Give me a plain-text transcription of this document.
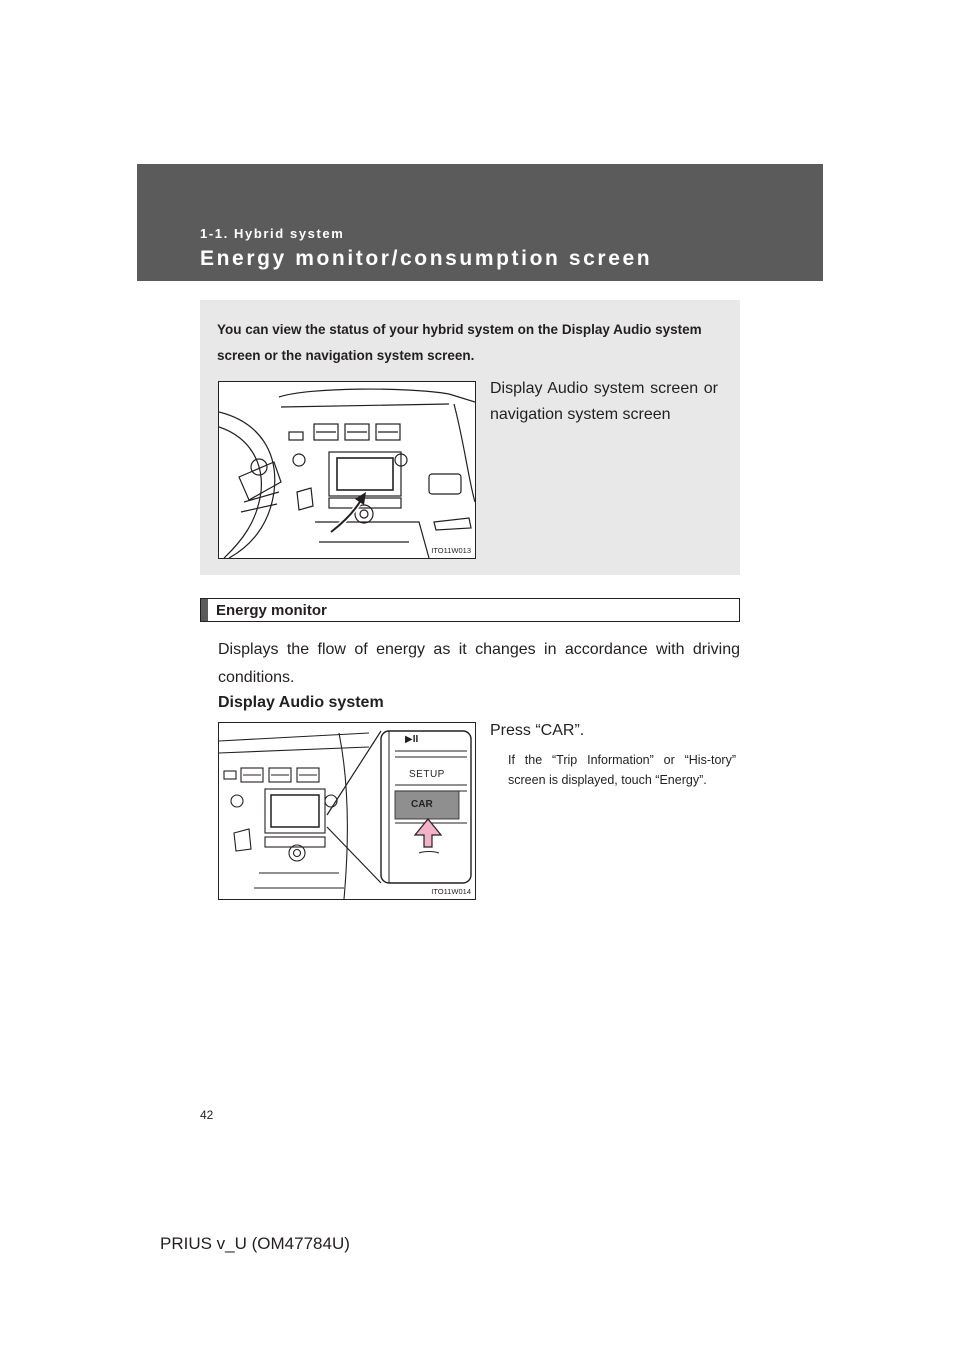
1-1. Hybrid system
Energy monitor/consumption screen
You can view the status of your hybrid system on the Display Audio system screen or the navigation system screen.
ITO11W013
Display Audio system screen or navigation system screen
Energy monitor
Displays the flow of energy as it changes in accordance with driving conditions.
Display Audio system
▶II
SETUP
CAR
ITO11W014
Press “CAR”.
If the “Trip Information” or “His-tory” screen is displayed, touch “Energy”.
42
PRIUS v_U (OM47784U)
